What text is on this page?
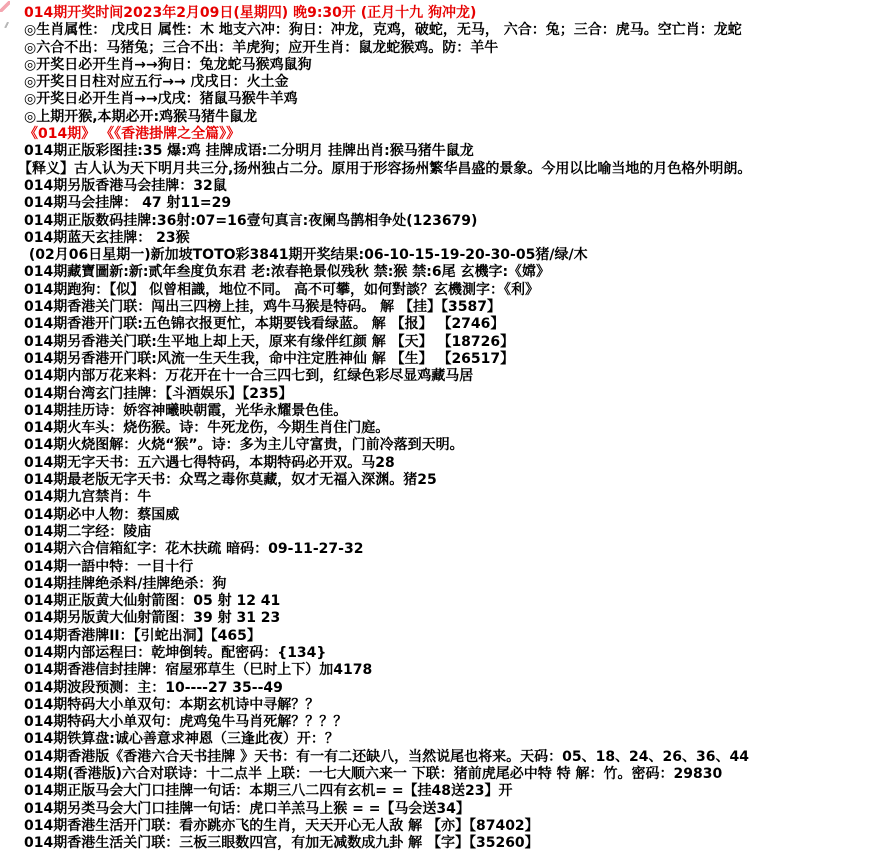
014期开奖时间2023年2月09日(星期四) 晚9:30开 (正月十九 狗冲龙)
◎生肖属性： 戊戌日 属性：木 地支六冲：狗日：冲龙，克鸡，破蛇，无马， 六合：兔；三合：虎马。空亡肖：龙蛇
◎六合不出：马猪兔；三合不出：羊虎狗；应开生肖：鼠龙蛇猴鸡。防：羊牛
◎开奖日必开生肖→→狗日：兔龙蛇马猴鸡鼠狗
◎开奖日日柱对应五行→→ 戊戌日：火土金
◎开奖日必开生肖→→戊戌：猪鼠马猴牛羊鸡
◎上期开猴,本期必开:鸡猴马猪牛鼠龙
《014期》 《《香港掛牌之全篇》》
014期正版彩图挂:35 爆:鸡 挂牌成语:二分明月 挂牌出肖:猴马猪牛鼠龙
【释义】古人认为天下明月共三分,扬州独占二分。原用于形容扬州繁华昌盛的景象。今用以比喻当地的月色格外明朗。
014期另版香港马会挂牌：32鼠
014期马会挂牌： 47 射11=29
014期正版数码挂牌:36射:07=16壹句真言:夜阑鸟鹊相争处(123679)
014期蓝天玄挂牌： 23猴
(02月06日星期一)新加坡TOTO彩3841期开奖结果:06-10-15-19-20-30-05猪/绿/木
014期藏寶圖新:新:贰年叁度负东君 老:浓春艳景似残秋 禁:猴 禁:6尾 玄機字:《嫦》
014期跑狗：【似】 似曾相識，地位不同。 高不可攀，如何對談？玄機測字：《利》
014期香港关门联：闯出三四榜上挂，鸡牛马猴是特码。 解 【挂】【3587】
014期香港开门联:五色锦衣报更忙，本期要钱看绿蓝。 解 【报】 【2746】
014期另香港关门联:生平地上却上天，原来有缘伴红颜 解 【天】 【18726】
014期另香港开门联:风流一生天生我，命中注定胜神仙 解 【生】 【26517】
014期内部万花来料：万花开在十一合三四七到，红绿色彩尽显鸡藏马居
014期台湾玄门挂牌：【斗酒娱乐】【235】
014期挂历诗：娇容神曦映朝霞，光华永耀景色佳。
014期火车头：烧伤猴。诗：牛死龙伤，今期生肖住门庭。
014期火烧图解：火烧“猴”。诗：多为主儿守富贵，门前冷落到天明。
014期无字天书：五六遇七得特码，本期特码必开双。马28
014期最老版无字天书：众骂之毒你莫藏，奴才无福入深渊。猪25
014期九宫禁肖：牛
014期必中人物：蔡国威
014期二字经：陵庙
014期六合信箱紅字：花木扶疏 暗码：09-11-27-32
014期一語中特：一目十行
014期挂牌绝杀料/挂牌绝杀：狗
014期正版黄大仙射箭图：05 射 12 41
014期另版黄大仙射箭图：39 射 31 23
014期香港牌II：【引蛇出洞】【465】
014期内部运程曰：乾坤倒转。配密码：{134}
014期香港信封挂牌：宿屋邪草生（巳时上下）加4178
014期波段预测：主：10----27 35--49
014期特码大小单双句：本期玄机诗中寻解？？
014期特码大小单双句：虎鸡兔牛马肖死解？？？？
014期铁算盘:诚心善意求神恩（三逢此夜）开：？
014期香港版《香港六合天书挂牌 》天书：有一有二还缺八，当然说尾也将来。天码：05、18、24、26、36、44
014期(香港版)六合对联诗：十二点半 上联：一七大顺六来一 下联：猪前虎尾必中特 特 解：竹。密码：29830
014期正版马会大门口挂牌一句话：本期三八二四有玄机= =【挂48送23】开
014期另类马会大门口挂牌一句话：虎口羊羔马上猴 = =【马会送34】
014期香港生活开门联：看亦跳亦飞的生肖，天天开心无人敌 解 【亦】【87402】
014期香港生活关门联：三板三眼数四宫，有加无减数成九卦 解 【字】【35260】
